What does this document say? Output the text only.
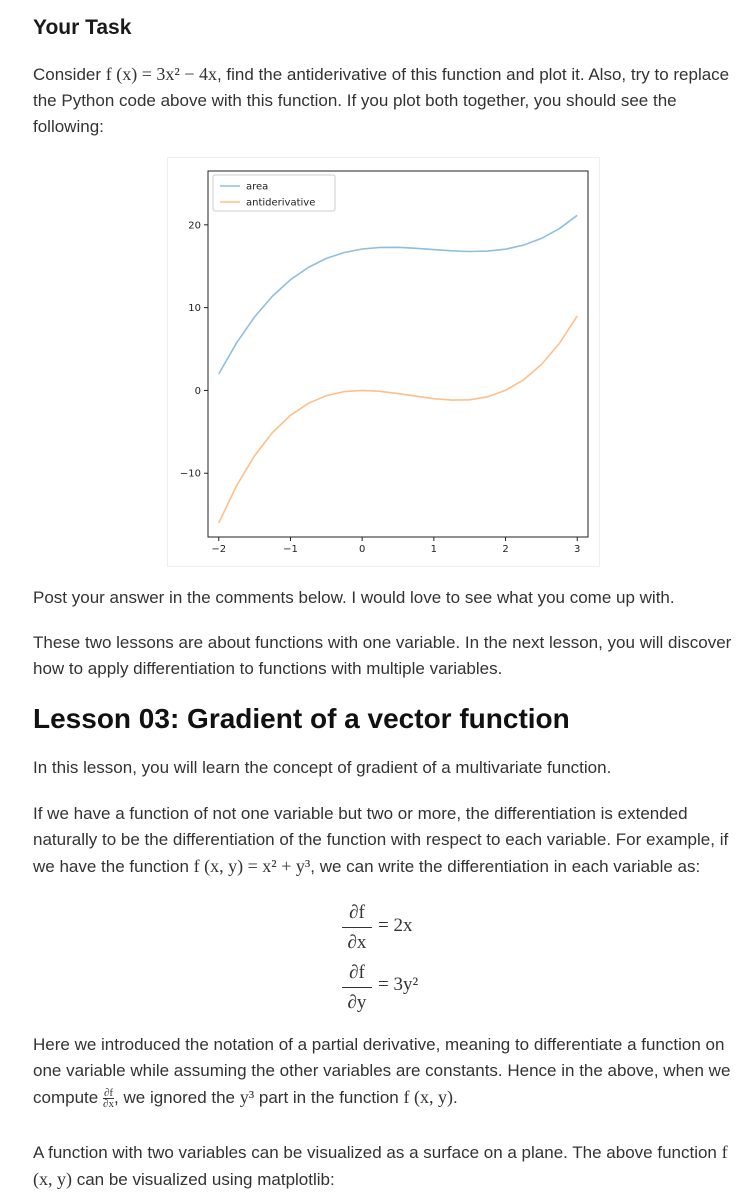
Your Task

Consider f (x) = 3x² − 4x, find the antiderivative of this function and plot it. Also, try to replace the Python code above with this function. If you plot both together, you should see the following:

−2	−1	0	1	2	3
−10
0
10
20
area
antiderivative

Post your answer in the comments below. I would love to see what you come up with.

These two lessons are about functions with one variable. In the next lesson, you will discover how to apply differentiation to functions with multiple variables.

Lesson 03: Gradient of a vector function

In this lesson, you will learn the concept of gradient of a multivariate function.

If we have a function of not one variable but two or more, the differentiation is extended naturally to be the differentiation of the function with respect to each variable. For example, if we have the function f (x, y) = x² + y³, we can write the differentiation in each variable as:

∂f
∂x
= 2x
∂f
∂y
= 3y²

Here we introduced the notation of a partial derivative, meaning to differentiate a function on one variable while assuming the other variables are constants. Hence in the above, when we compute $\frac{\partial f}{\partial x}$ , we ignored the y³ part in the function f (x, y).

A function with two variables can be visualized as a surface on a plane. The above function f (x, y) can be visualized using matplotlib:
